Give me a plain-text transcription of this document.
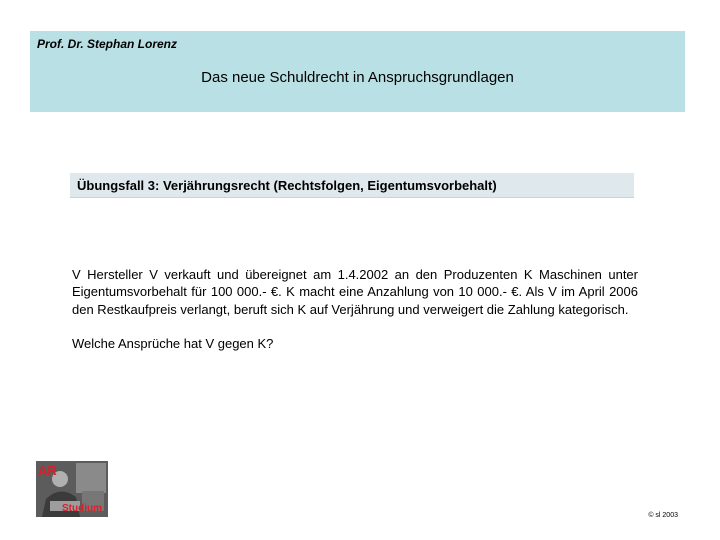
Prof. Dr. Stephan Lorenz
Das neue Schuldrecht in Anspruchsgrundlagen
Übungsfall 3: Verjährungsrecht (Rechtsfolgen, Eigentumsvorbehalt)

V Hersteller V verkauft und übereignet am 1.4.2002 an den Produzenten K Maschinen unter Eigentumsvorbehalt für 100 000.- €. K macht eine Anzahlung von 10 000.- €. Als V im April 2006 den Restkaufpreis verlangt, beruft sich K auf Verjährung und verweigert die Zahlung kategorisch.

Welche Ansprüche hat V gegen K?

AR
Studium
© sl 2003
